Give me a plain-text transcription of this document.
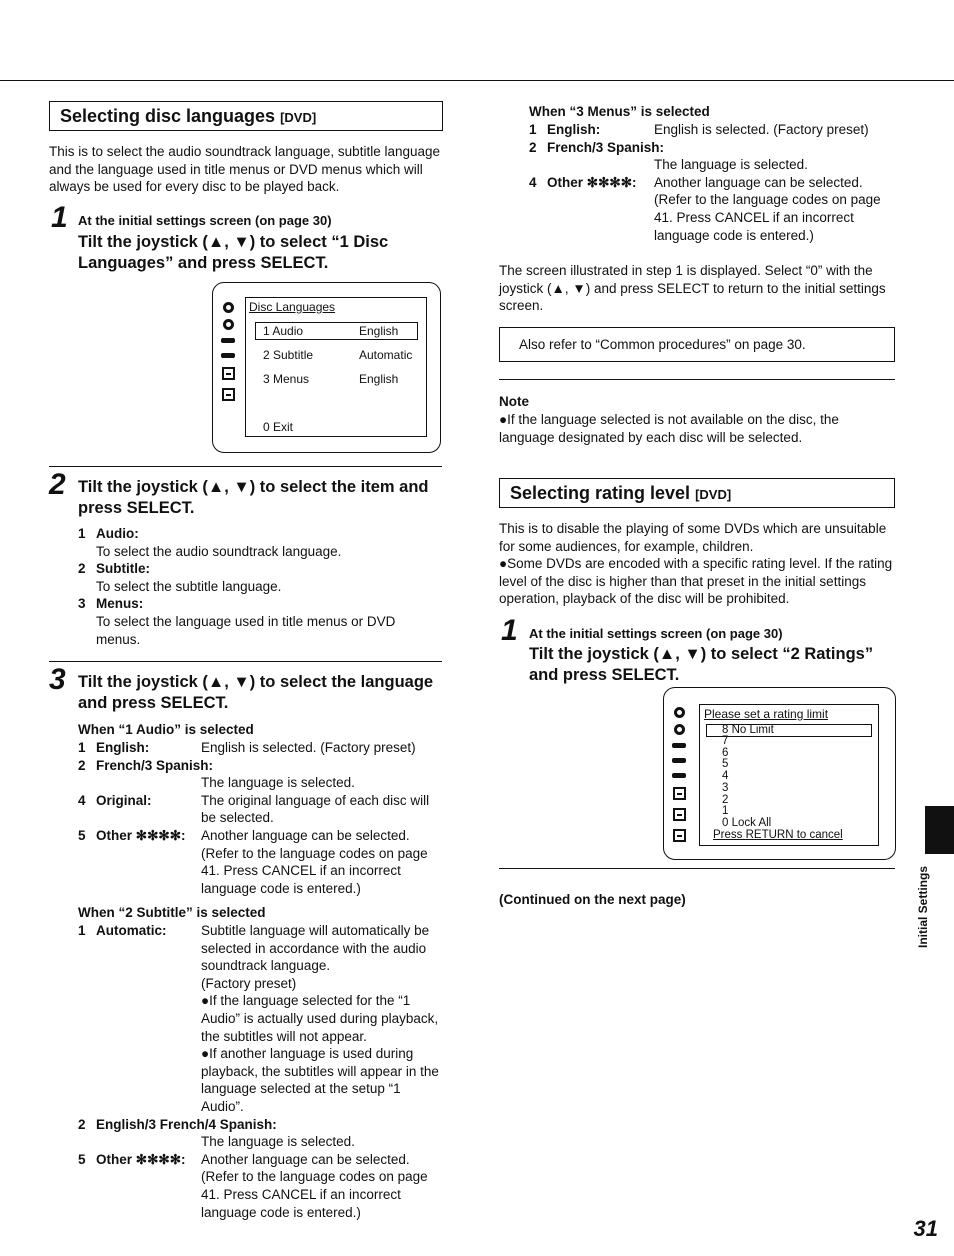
Selecting disc languages [DVD]
This is to select the audio soundtrack language, subtitle language and the language used in title menus or DVD menus which will always be used for every disc to be played back.
1 At the initial settings screen (on page 30)
Tilt the joystick (▲, ▼) to select “1 Disc Languages” and press SELECT.
Disc Languages
1 Audio	English
2 Subtitle	Automatic
3 Menus	English
0 Exit
2 Tilt the joystick (▲, ▼) to select the item and press SELECT.
1 Audio:
To select the audio soundtrack language.
2 Subtitle:
To select the subtitle language.
3 Menus:
To select the language used in title menus or DVD menus.
3 Tilt the joystick (▲, ▼) to select the language and press SELECT.
When “1 Audio” is selected
1 English:	English is selected. (Factory preset)
2 French/3 Spanish:
The language is selected.
4 Original:	The original language of each disc will be selected.
5 Other ✻✻✻✻:	Another language can be selected. (Refer to the language codes on page 41. Press CANCEL if an incorrect language code is entered.)
When “2 Subtitle” is selected
1 Automatic:	Subtitle language will automatically be selected in accordance with the audio soundtrack language.
(Factory preset)
●If the language selected for the “1 Audio” is actually used during playback, the subtitles will not appear.
●If another language is used during playback, the subtitles will appear in the language selected at the setup “1 Audio”.
2 English/3 French/4 Spanish:
The language is selected.
5 Other ✻✻✻✻:	Another language can be selected. (Refer to the language codes on page 41. Press CANCEL if an incorrect language code is entered.)
When “3 Menus” is selected
1 English:	English is selected. (Factory preset)
2 French/3 Spanish:
The language is selected.
4 Other ✻✻✻✻:	Another language can be selected. (Refer to the language codes on page 41. Press CANCEL if an incorrect language code is entered.)
The screen illustrated in step 1 is displayed. Select “0” with the joystick (▲, ▼) and press SELECT to return to the initial settings screen.
Also refer to “Common procedures” on page 30.
Note
●If the language selected is not available on the disc, the language designated by each disc will be selected.
Selecting rating level [DVD]
This is to disable the playing of some DVDs which are unsuitable for some audiences, for example, children.
●Some DVDs are encoded with a specific rating level. If the rating level of the disc is higher than that preset in the initial settings operation, playback of the disc will be prohibited.
1 At the initial settings screen (on page 30)
Tilt the joystick (▲, ▼) to select “2 Ratings” and press SELECT.
Please set a rating limit
8 No Limit
7
6
5
4
3
2
1
0 Lock All
Press RETURN to cancel
(Continued on the next page)	Initial Settings
31
